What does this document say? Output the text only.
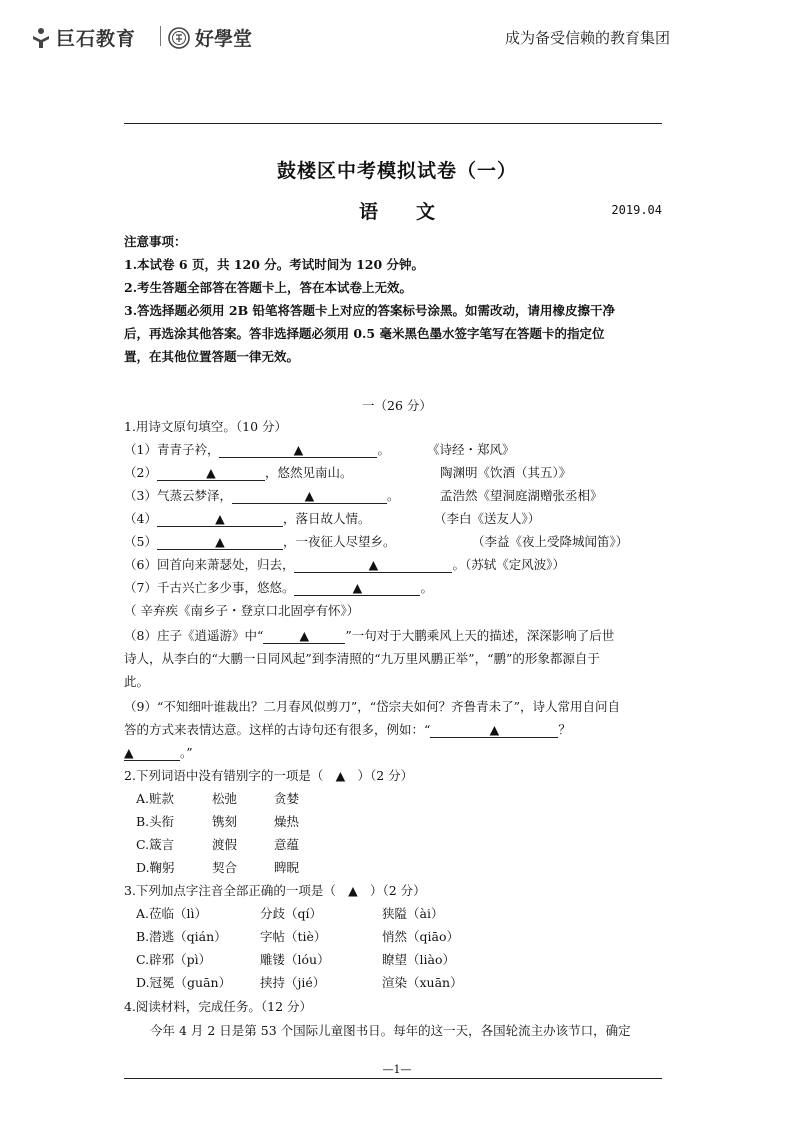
巨石教育	好學堂	成为备受信赖的教育集团
鼓楼区中考模拟试卷（一）
语文	2019.04
注意事项：
1.本试卷 6 页，共 120 分。考试时间为 120 分钟。
2.考生答题全部答在答题卡上，答在本试卷上无效。
3.答选择题必须用 2B 铅笔将答题卡上对应的答案标号涂黑。如需改动，请用橡皮擦干净
后，再选涂其他答案。答非选择题必须用 0.5 毫米黑色墨水签字笔写在答题卡的指定位
置，在其他位置答题一律无效。
一（26 分）
1.用诗文原句填空。（10 分）
（1）青青子衿，	▲	。	《诗经・郑风》
（2）	▲	，悠然见南山。	陶渊明《饮酒（其五）》
（3）气蒸云梦泽，	▲	。	孟浩然《望洞庭湖赠张丞相》
（4）	▲	，落日故人情。	（李白《送友人》）
（5）	▲	，一夜征人尽望乡。	（李益《夜上受降城闻笛》）
（6）回首向来萧瑟处，归去，	▲	。（苏轼《定风波》）
（7）千古兴亡多少事，悠悠。	▲	。
（ 辛弃疾《南乡子・登京口北固亭有怀》）
（8）庄子《逍遥游》中“	▲	”一句对于大鹏乘风上天的描述，深深影响了后世
诗人，从李白的“大鹏一日同风起”到李清照的“九万里风鹏正举”，“鹏”的形象都源自于
此。
（9）“不知细叶谁裁出？二月春风似剪刀”，“岱宗夫如何？齐鲁青未了”，诗人常用自问自
答的方式来表情达意。这样的古诗句还有很多，例如：“	▲	？
▲	。”
2.下列词语中没有错别字的一项是（ ▲ ）（2 分）
A.赃款	松弛	贪婪
B.头衔	镌刻	燥热
C.箴言	渡假	意蕴
D.鞠躬	契合	睥睨
3.下列加点字注音全部正确的一项是（ ▲ ）（2 分）
A.莅临（lì）	分歧（qí）	狭隘（ài）
B.潜逃（qián）	字帖（tiè）	悄然（qiāo）
C.辟邪（pì）	雕镂（lóu）	瞭望（liào）
D.冠冕（guān） 挟持（jié）	渲染（xuān）
4.阅读材料，完成任务。（12 分）
今年 4 月 2 日是第 53 个国际儿童图书日。每年的这一天，各国轮流主办该节口，确定
—1—
